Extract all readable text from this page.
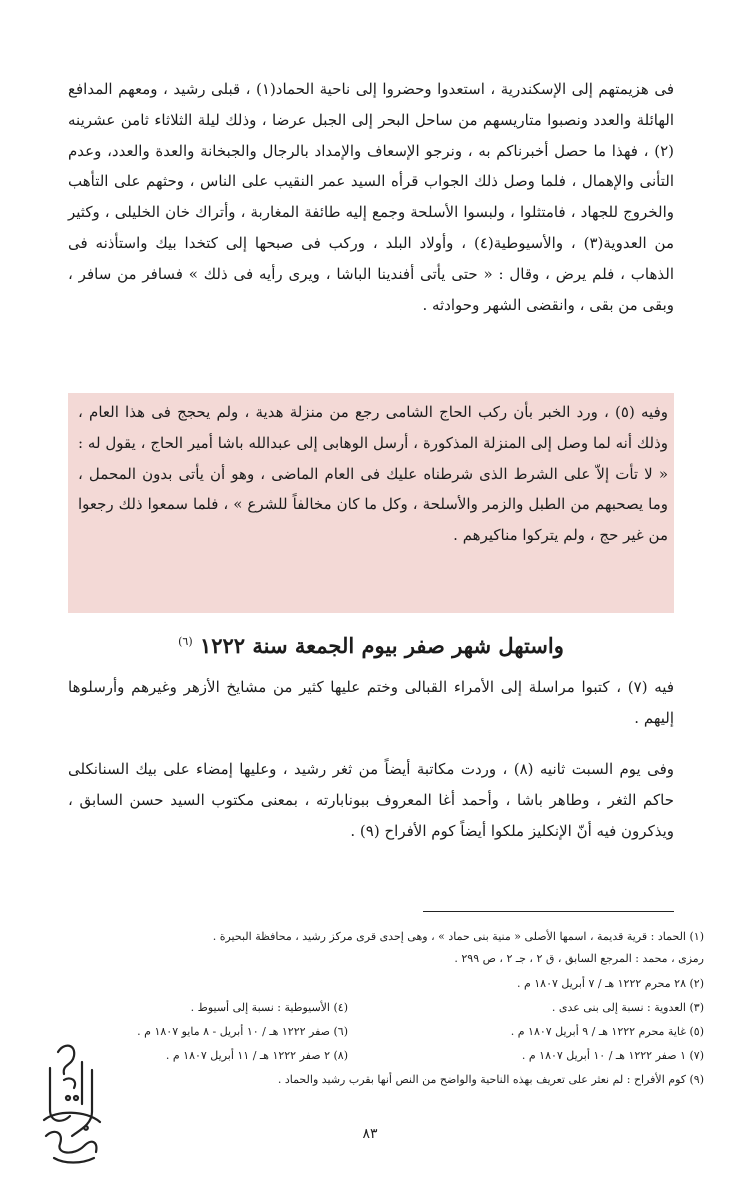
فى هزيمتهم إلى الإسكندرية ، استعدوا وحضروا إلى ناحية الحماد(١) ، قبلى رشيد ، ومعهم المدافع الهائلة والعدد ونصبوا متاريسهم من ساحل البحر إلى الجبل عرضا ، وذلك ليلة الثلاثاء ثامن عشرينه (٢) ، فهذا ما حصل أخبرناكم به ، ونرجو الإسعاف والإمداد بالرجال والجبخانة والعدة والعدد، وعدم التأنى والإهمال ، فلما وصل ذلك الجواب قرأه السيد عمر النقيب على الناس ، وحثهم على التأهب والخروج للجهاد ، فامتثلوا ، ولبسوا الأسلحة وجمع إليه طائفة المغاربة ، وأتراك خان الخليلى ، وكثير من العدوية(٣) ، والأسيوطية(٤) ، وأولاد البلد ، وركب فى صبحها إلى كتخدا بيك واستأذنه فى الذهاب ، فلم يرض ، وقال : « حتى يأتى أفندينا الباشا ، ويرى رأيه فى ذلك » فسافر من سافر ، وبقى من بقى ، وانقضى الشهر وحوادثه .
وفيه (٥) ، ورد الخبر بأن ركب الحاج الشامى رجع من منزلة هدية ، ولم يحجج فى هذا العام ، وذلك أنه لما وصل إلى المنزلة المذكورة ، أرسل الوهابى إلى عبدالله باشا أمير الحاج ، يقول له : « لا تأت إلاّ على الشرط الذى شرطناه عليك فى العام الماضى ، وهو أن يأتى بدون المحمل ، وما يصحبهم من الطبل والزمر والأسلحة ، وكل ما كان مخالفاً للشرع » ، فلما سمعوا ذلك رجعوا من غير حج ، ولم يتركوا مناكيرهم .
واستهل شهر صفر بيوم الجمعة سنة ١٢٢٢ $^{(٦)}$
فيه (٧) ، كتبوا مراسلة إلى الأمراء القبالى وختم عليها كثير من مشايخ الأزهر وغيرهم وأرسلوها إليهم .
وفى يوم السبت ثانيه (٨) ، وردت مكاتبة أيضاً من ثغر رشيد ، وعليها إمضاء على بيك السنانكلى حاكم الثغر ، وطاهر باشا ، وأحمد أغا المعروف ببونابارته ، بمعنى مكتوب السيد حسن السابق ، ويذكرون فيه أنّ الإنكليز ملكوا أيضاً كوم الأفراح (٩) .
(١) الحماد : قرية قديمة ، اسمها الأصلى « منية بنى حماد » ، وهى إحدى قرى مركز رشيد ، محافظة البحيرة .
رمزى ، محمد : المرجع السابق ، ق ٢ ، جـ ٢ ، ص ٢٩٩ .
(٢) ٢٨ محرم ١٢٢٢ هـ / ٧ أبريل ١٨٠٧ م .
(٣) العدوية : نسبة إلى بنى عدى .
(٤) الأسيوطية : نسبة إلى أسيوط .
(٥) غاية محرم ١٢٢٢ هـ / ٩ أبريل ١٨٠٧ م .
(٦) صفر ١٢٢٢ هـ / ١٠ أبريل - ٨ مايو ١٨٠٧ م .
(٧) ١ صفر ١٢٢٢ هـ / ١٠ أبريل ١٨٠٧ م .
(٨) ٢ صفر ١٢٢٢ هـ / ١١ أبريل ١٨٠٧ م .
(٩) كوم الأفراح : لم نعثر على تعريف بهذه الناحية والواضح من النص أنها بقرب رشيد والحماد .
٨٣
